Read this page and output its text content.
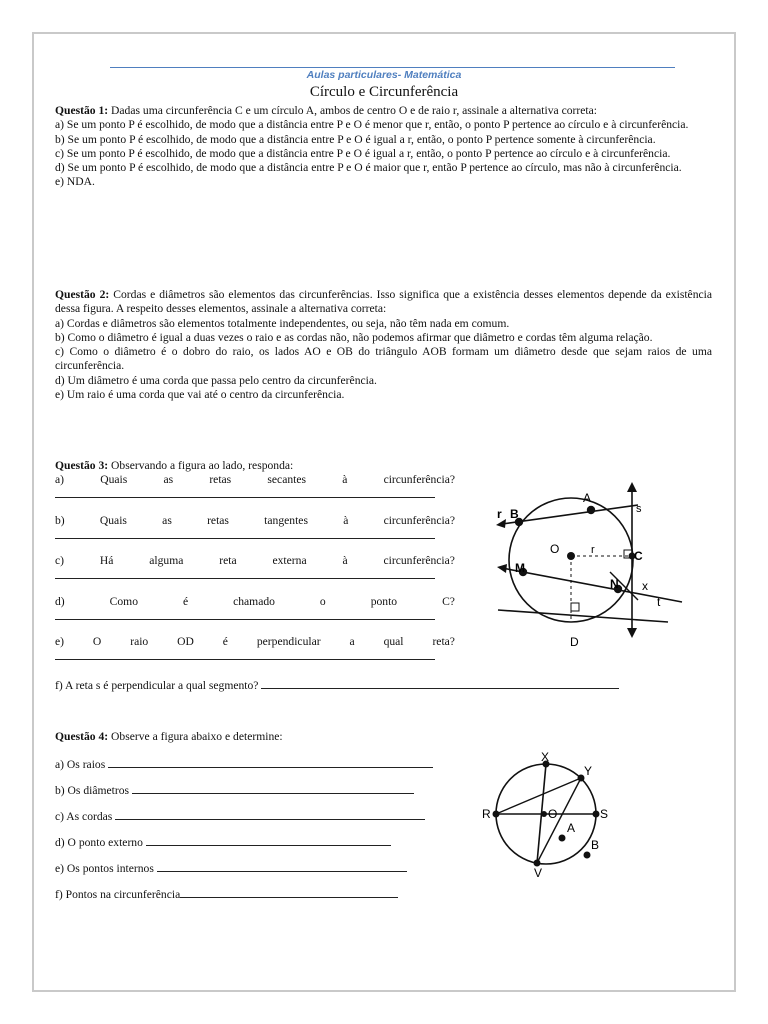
Aulas particulares- Matemática
Círculo e Circunferência

Questão 1: Dadas uma circunferência C e um círculo A, ambos de centro O e de raio r, assinale a alternativa correta:

a) Se um ponto P é escolhido, de modo que a distância entre P e O é menor que r, então, o ponto P pertence ao círculo e à circunferência.

b) Se um ponto P é escolhido, de modo que a distância entre P e O é igual a r, então, o ponto P pertence somente à circunferência.

c) Se um ponto P é escolhido, de modo que a distância entre P e O é igual a r, então, o ponto P pertence ao círculo e à circunferência.

d) Se um ponto P é escolhido, de modo que a distância entre P e O é maior que r, então P pertence ao círculo, mas não à circunferência.

e) NDA.

Questão 2: Cordas e diâmetros são elementos das circunferências. Isso significa que a existência desses elementos depende da existência dessa figura. A respeito desses elementos, assinale a alternativa correta:

a) Cordas e diâmetros são elementos totalmente independentes, ou seja, não têm nada em comum.

b) Como o diâmetro é igual a duas vezes o raio e as cordas não, não podemos afirmar que diâmetro e cordas têm alguma relação.

c) Como o diâmetro é o dobro do raio, os lados AO e OB do triângulo AOB formam um diâmetro desde que sejam raios de uma circunferência.

d) Um diâmetro é uma corda que passa pelo centro da circunferência.

e) Um raio é uma corda que vai até o centro da circunferência.

Questão 3: Observando a figura ao lado, responda:
a)	Quais	as	retas	secantes	à	circunferência?
b)	Quais	as	retas	tangentes	à	circunferência?
c)	Há	alguma	reta	externa	à	circunferência?
d)	Como	é	chamado	o	ponto	C?
e) O raio OD é perpendicular a qual reta?
f) A reta s é perpendicular a qual segmento?
r B
A
s
O	r	C
M
N x
t
D
Questão 4: Observe a figura abaixo e determine:
a) Os raios
b) Os diâmetros
c) As cordas
d) O ponto externo
e) Os pontos internos
f) Pontos na circunferência
X
Y
R	O	S
A
B
V
